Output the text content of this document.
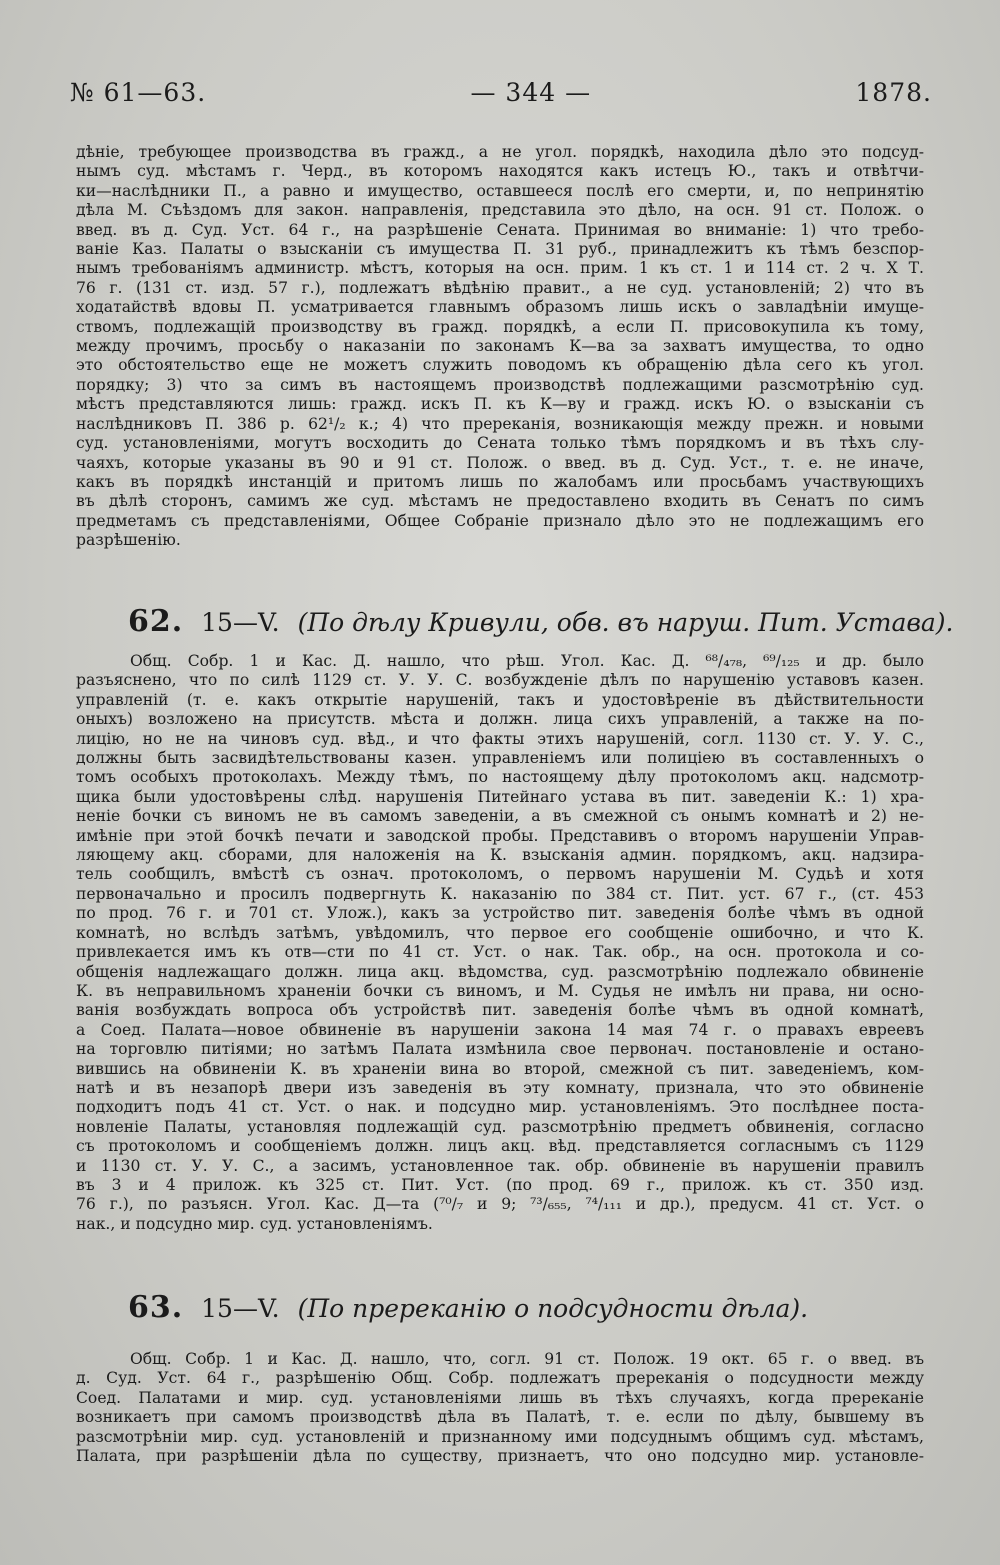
№ 61—63.	— 344 —	1878.
дѣніе, требующее производства въ гражд., а не угол. порядкѣ, находила дѣло это подсуд-
нымъ суд. мѣстамъ г. Черд., въ которомъ находятся какъ истецъ Ю., такъ и отвѣтчи-
ки—наслѣдники П., а равно и имущество, оставшееся послѣ его смерти, и, по непринятію
дѣла М. Съѣздомъ для закон. направленія, представила это дѣло, на осн. 91 ст. Полож. о
введ. въ д. Суд. Уст. 64 г., на разрѣшеніе Сената. Принимая во вниманіе: 1) что требо-
ваніе Каз. Палаты о взысканіи съ имущества П. 31 руб., принадлежитъ къ тѣмъ безспор-
нымъ требованіямъ администр. мѣстъ, которыя на осн. прим. 1 къ ст. 1 и 114 ст. 2 ч. X Т.
76 г. (131 ст. изд. 57 г.), подлежатъ вѣдѣнію правит., а не суд. установленій; 2) что въ
ходатайствѣ вдовы П. усматривается главнымъ образомъ лишь искъ о завладѣніи имуще-
ствомъ, подлежащій производству въ гражд. порядкѣ, а если П. присовокупила къ тому,
между прочимъ, просьбу о наказаніи по законамъ К—ва за захватъ имущества, то одно
это обстоятельство еще не можетъ служить поводомъ къ обращенію дѣла сего къ угол.
порядку; 3) что за симъ въ настоящемъ производствѣ подлежащими разсмотрѣнію суд.
мѣстъ представляются лишь: гражд. искъ П. къ К—ву и гражд. искъ Ю. о взысканіи съ
наслѣдниковъ П. 386 р. 62¹/₂ к.; 4) что пререканія, возникающія между прежн. и новыми
суд. установленіями, могутъ восходить до Сената только тѣмъ порядкомъ и въ тѣхъ слу-
чаяхъ, которые указаны въ 90 и 91 ст. Полож. о введ. въ д. Суд. Уст., т. е. не иначе,
какъ въ порядкѣ инстанцій и притомъ лишь по жалобамъ или просьбамъ участвующихъ
въ дѣлѣ сторонъ, самимъ же суд. мѣстамъ не предоставлено входить въ Сенатъ по симъ
предметамъ съ представленіями, Общее Собраніе признало дѣло это не подлежащимъ его
разрѣшенію.
62. 15—V. (По дѣлу Кривули, обв. въ наруш. Пит. Устава).
Общ. Собр. 1 и Кас. Д. нашло, что рѣш. Угол. Кас. Д. ⁶⁸/₄₇₈, ⁶⁹/₁₂₅ и др. было
разъяснено, что по силѣ 1129 ст. У. У. С. возбужденіе дѣлъ по нарушенію уставовъ казен.
управленій (т. е. какъ открытіе нарушеній, такъ и удостовѣреніе въ дѣйствительности
оныхъ) возложено на присутств. мѣста и должн. лица сихъ управленій, а также на по-
лицію, но не на чиновъ суд. вѣд., и что факты этихъ нарушеній, согл. 1130 ст. У. У. С.,
должны быть засвидѣтельствованы казен. управленіемъ или полиціею въ составленныхъ о
томъ особыхъ протоколахъ. Между тѣмъ, по настоящему дѣлу протоколомъ акц. надсмотр-
щика были удостовѣрены слѣд. нарушенія Питейнаго устава въ пит. заведеніи К.: 1) хра-
неніе бочки съ виномъ не въ самомъ заведеніи, а въ смежной съ онымъ комнатѣ и 2) не-
имѣніе при этой бочкѣ печати и заводской пробы. Представивъ о второмъ нарушеніи Управ-
ляющему акц. сборами, для наложенія на К. взысканія админ. порядкомъ, акц. надзира-
тель сообщилъ, вмѣстѣ съ означ. протоколомъ, о первомъ нарушеніи М. Судьѣ и хотя
первоначально и просилъ подвергнуть К. наказанію по 384 ст. Пит. уст. 67 г., (ст. 453
по прод. 76 г. и 701 ст. Улож.), какъ за устройство пит. заведенія болѣе чѣмъ въ одной
комнатѣ, но вслѣдъ затѣмъ, увѣдомилъ, что первое его сообщеніе ошибочно, и что К.
привлекается имъ къ отв—сти по 41 ст. Уст. о нак. Так. обр., на осн. протокола и со-
общенія надлежащаго должн. лица акц. вѣдомства, суд. разсмотрѣнію подлежало обвиненіе
К. въ неправильномъ храненіи бочки съ виномъ, и М. Судья не имѣлъ ни права, ни осно-
ванія возбуждать вопроса объ устройствѣ пит. заведенія болѣе чѣмъ въ одной комнатѣ,
а Соед. Палата—новое обвиненіе въ нарушеніи закона 14 мая 74 г. о правахъ евреевъ
на торговлю питіями; но затѣмъ Палата измѣнила свое первонач. постановленіе и остано-
вившись на обвиненіи К. въ храненіи вина во второй, смежной съ пит. заведеніемъ, ком-
натѣ и въ незапорѣ двери изъ заведенія въ эту комнату, признала, что это обвиненіе
подходитъ подъ 41 ст. Уст. о нак. и подсудно мир. установленіямъ. Это послѣднее поста-
новленіе Палаты, установляя подлежащій суд. разсмотрѣнію предметъ обвиненія, согласно
съ протоколомъ и сообщеніемъ должн. лицъ акц. вѣд. представляется согласнымъ съ 1129
и 1130 ст. У. У. С., а засимъ, установленное так. обр. обвиненіе въ нарушеніи правилъ
въ 3 и 4 прилож. къ 325 ст. Пит. Уст. (по прод. 69 г., прилож. къ ст. 350 изд.
76 г.), по разъясн. Угол. Кас. Д—та (⁷⁰/₇ и 9; ⁷³/₆₅₅, ⁷⁴/₁₁₁ и др.), предусм. 41 ст. Уст. о
нак., и подсудно мир. суд. установленіямъ.
63. 15—V. (По пререканію о подсудности дѣла).
Общ. Собр. 1 и Кас. Д. нашло, что, согл. 91 ст. Полож. 19 окт. 65 г. о введ. въ
д. Суд. Уст. 64 г., разрѣшенію Общ. Собр. подлежатъ пререканія о подсудности между
Соед. Палатами и мир. суд. установленіями лишь въ тѣхъ случаяхъ, когда пререканіе
возникаетъ при самомъ производствѣ дѣла въ Палатѣ, т. е. если по дѣлу, бывшему въ
разсмотрѣніи мир. суд. установленій и признанному ими подсуднымъ общимъ суд. мѣстамъ,
Палата, при разрѣшеніи дѣла по существу, признаетъ, что оно подсудно мир. установле-
